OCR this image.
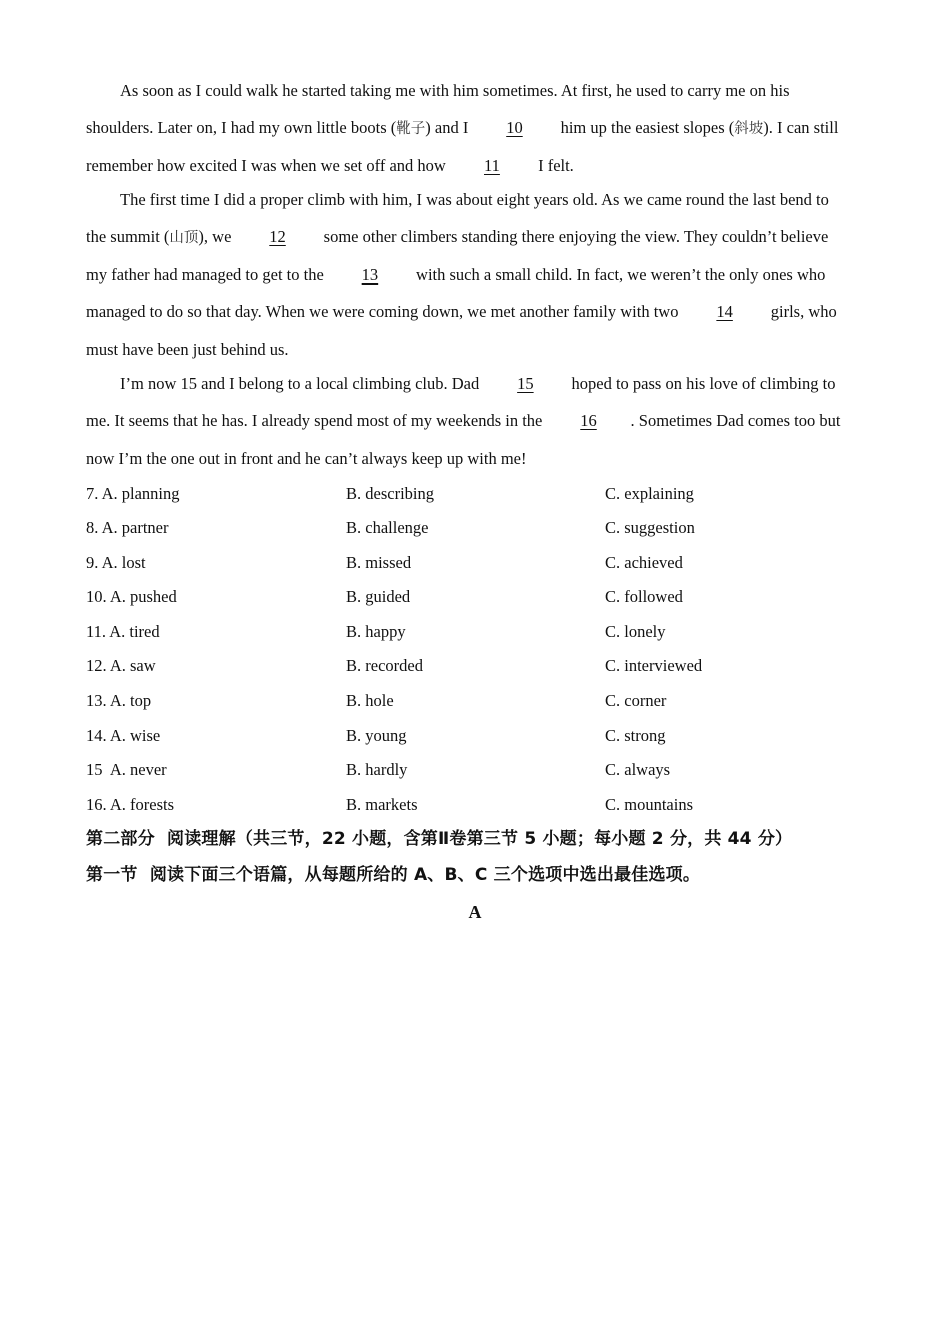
As soon as I could walk he started taking me with him sometimes. At first, he used to carry me on his
shoulders. Later on, I had my own little boots (靴子) and I 10 him up the easiest slopes (斜坡). I can still
remember how excited I was when we set off and how 11 I felt.
The first time I did a proper climb with him, I was about eight years old. As we came round the last bend to
the summit (山顶), we 12 some other climbers standing there enjoying the view. They couldn’t believe
my father had managed to get to the 13 with such a small child. In fact, we weren’t the only ones who
managed to do so that day. When we were coming down, we met another family with two 14 girls, who
must have been just behind us.
I’m now 15 and I belong to a local climbing club. Dad 15 hoped to pass on his love of climbing to
me. It seems that he has. I already spend most of my weekends in the 16 . Sometimes Dad comes too but
now I’m the one out in front and he can’t always keep up with me!
7. A. planning	B. describing	C. explaining
8. A. partner	B. challenge	C. suggestion
9. A. lost	B. missed	C. achieved
10. A. pushed	B. guided	C. followed
11. A. tired	B. happy	C. lonely
12. A. saw	B. recorded	C. interviewed
13. A. top	B. hole	C. corner
14. A. wise	B. young	C. strong
15  A. never	B. hardly	C. always
16. A. forests	B. markets	C. mountains
第二部分  阅读理解（共三节，22 小题，含第Ⅱ卷第三节 5 小题；每小题 2 分，共 44 分）
第一节  阅读下面三个语篇，从每题所给的 A、B、C 三个选项中选出最佳选项。
A
